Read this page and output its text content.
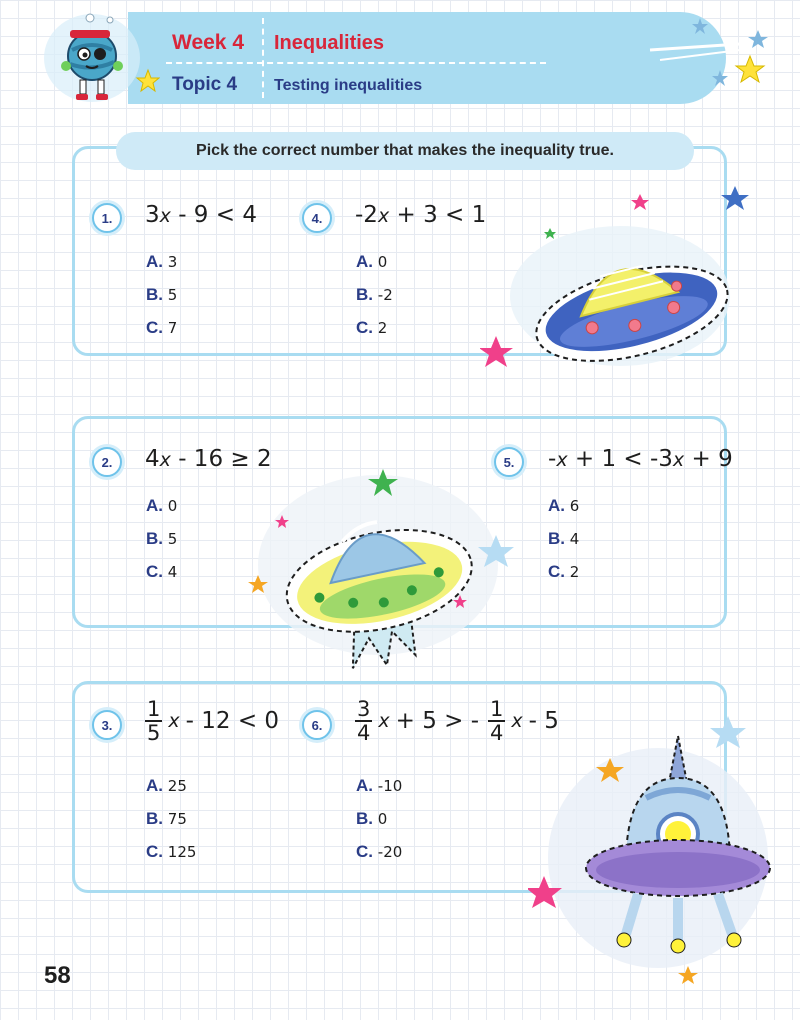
Week 4 Inequalities
Topic 4 Testing inequalities
Pick the correct number that makes the inequality true.
1.	3x - 9 < 4
A. 3
B. 5
C. 7
4.	-2x + 3 < 1
A. 0
B. -2
C. 2
2.	4x - 16 ≥ 2
A. 0
B. 5
C. 4
5.	-x + 1 < -3x + 9
A. 6
B. 4
C. 2
3.	$\frac{1}{5}$ x - 12 < 0
A. 25
B. 75
C. 125
6.	$\frac{3}{4}$ x + 5 > - $\frac{1}{4}$ x - 5
A. -10
B. 0
C. -20
58
